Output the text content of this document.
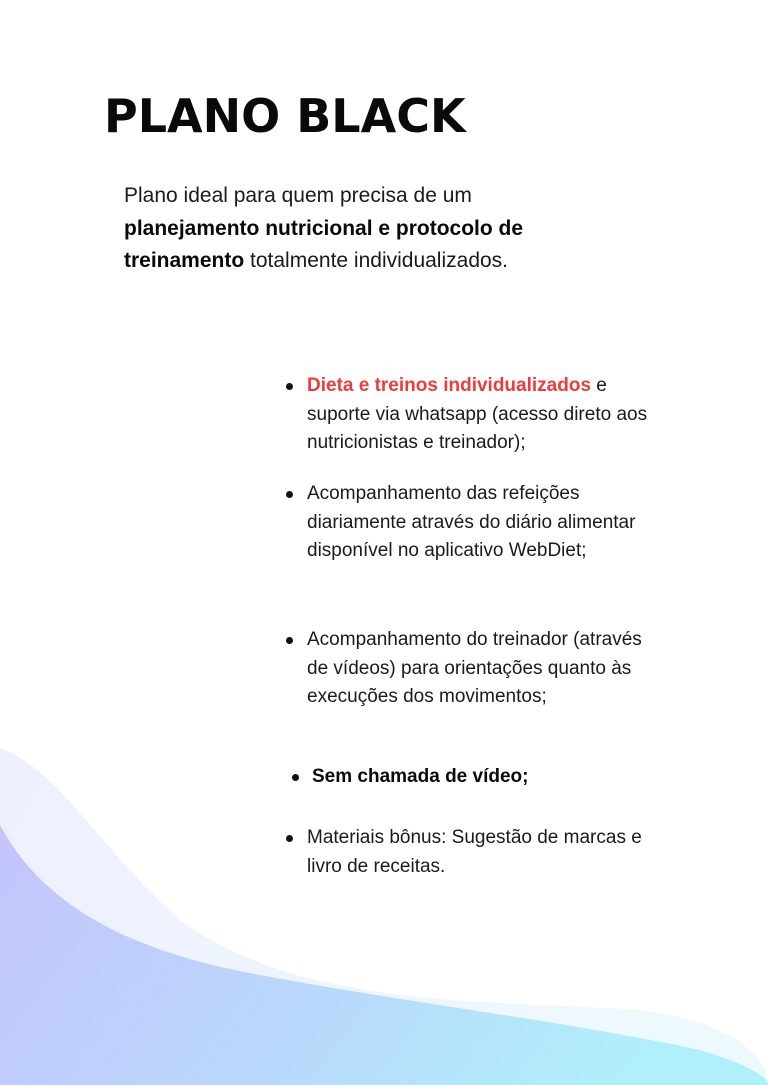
PLANO BLACK

Plano ideal para quem precisa de um planejamento nutricional e protocolo de treinamento totalmente individualizados.

Dieta e treinos individualizados e suporte via whatsapp (acesso direto aos nutricionistas e treinador);
Acompanhamento das refeições diariamente através do diário alimentar disponível no aplicativo WebDiet;
Acompanhamento do treinador (através de vídeos) para orientações quanto às execuções dos movimentos;
Sem chamada de vídeo;
Materiais bônus: Sugestão de marcas e livro de receitas.
